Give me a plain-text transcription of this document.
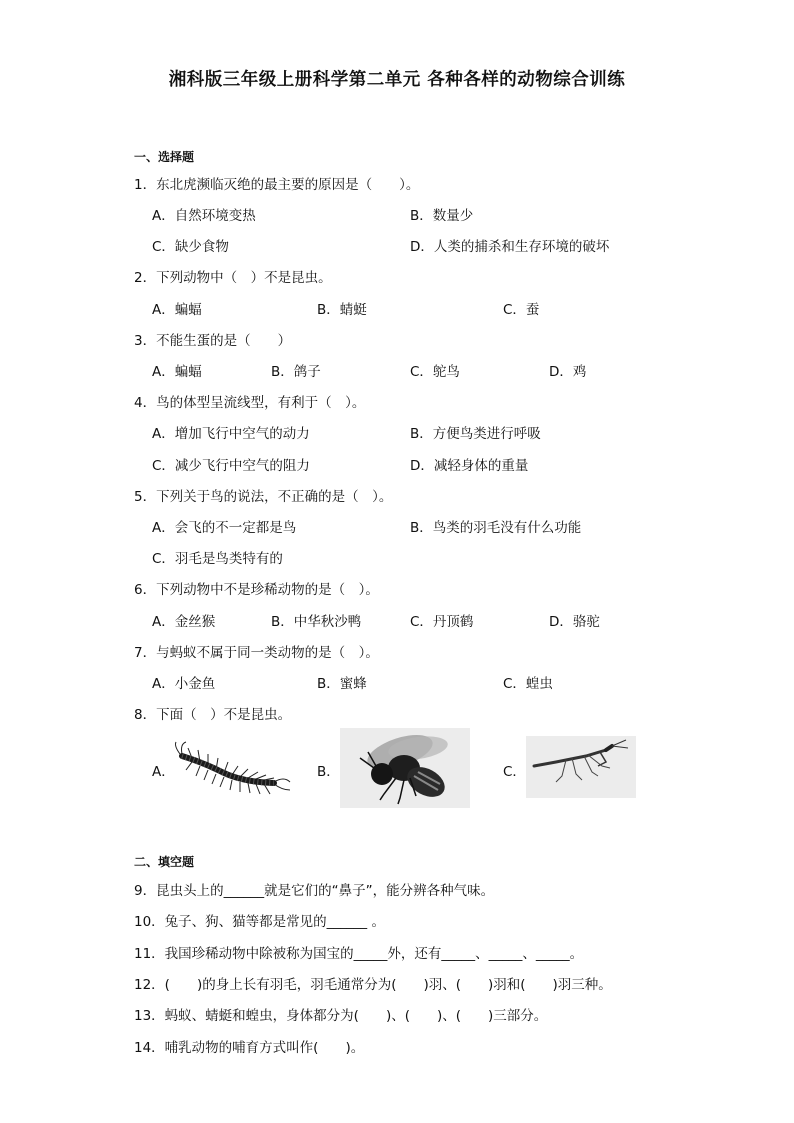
湘科版三年级上册科学第二单元 各种各样的动物综合训练
一、选择题
1．东北虎濒临灭绝的最主要的原因是（　　）。
A．自然环境变热	B．数量少
C．缺少食物	D．人类的捕杀和生存环境的破坏
2．下列动物中（　）不是昆虫。
A．蝙蝠	B．蜻蜓	C．蚕
3．不能生蛋的是（　　）
A．蝙蝠	B．鸽子	C．鸵鸟	D．鸡
4．鸟的体型呈流线型，有利于（　）。
A．增加飞行中空气的动力	B．方便鸟类进行呼吸
C．减少飞行中空气的阻力	D．减轻身体的重量
5．下列关于鸟的说法，不正确的是（　）。
A．会飞的不一定都是鸟	B．鸟类的羽毛没有什么功能
C．羽毛是鸟类特有的
6．下列动物中不是珍稀动物的是（　）。
A．金丝猴	B．中华秋沙鸭	C．丹顶鹤	D．骆驼
7．与蚂蚁不属于同一类动物的是（　）。
A．小金鱼	B．蜜蜂	C．蝗虫
8．下面（　）不是昆虫。
A．	B．	C．
二、填空题
9．昆虫头上的______就是它们的“鼻子”，能分辨各种气味。
10．兔子、狗、猫等都是常见的______ 。
11．我国珍稀动物中除被称为国宝的_____外，还有_____、_____、_____。
12．(　　)的身上长有羽毛，羽毛通常分为(　　)羽、(　　)羽和(　　)羽三种。
13．蚂蚁、蜻蜓和蝗虫，身体都分为(　　)、(　　)、(　　)三部分。
14．哺乳动物的哺育方式叫作(　　)。
